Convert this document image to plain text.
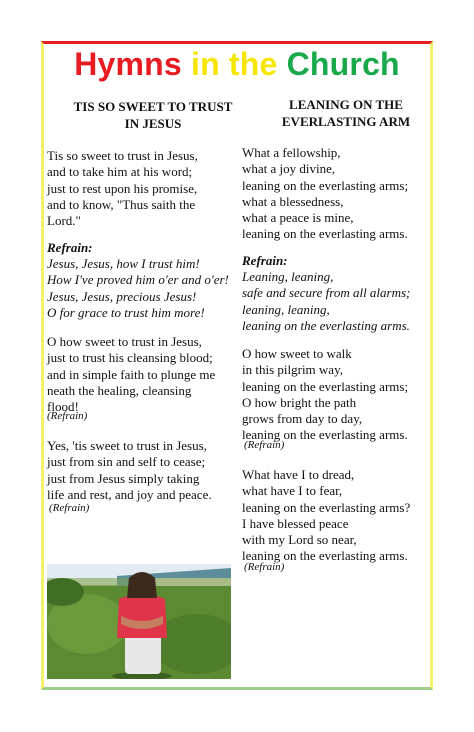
Hymns in the Church
TIS SO SWEET TO TRUST
IN JESUS
Tis so sweet to trust in Jesus,
and to take him at his word;
just to rest upon his promise,
and to know, "Thus saith the
Lord."
Refrain:
Jesus, Jesus, how I trust him!
How I've proved him o'er and o'er!
Jesus, Jesus, precious Jesus!
O for grace to trust him more!
O how sweet to trust in Jesus,
just to trust his cleansing blood;
and in simple faith to plunge me
neath the healing, cleansing
flood!
(Refrain)
Yes, 'tis sweet to trust in Jesus,
just from sin and self to cease;
just from Jesus simply taking
life and rest, and joy and peace.
(Refrain)
LEANING ON THE
EVERLASTING ARM
What a fellowship,
what a joy divine,
leaning on the everlasting arms;
what a blessedness,
what a peace is mine,
leaning on the everlasting arms.
Refrain:
Leaning, leaning,
safe and secure from all alarms;
leaning, leaning,
leaning on the everlasting arms.
O how sweet to walk
in this pilgrim way,
leaning on the everlasting arms;
O how bright the path
grows from day to day,
leaning on the everlasting arms.
(Refrain)
What have I to dread,
what have I to fear,
leaning on the everlasting arms?
I have blessed peace
with my Lord so near,
leaning on the everlasting arms.
(Refrain)
